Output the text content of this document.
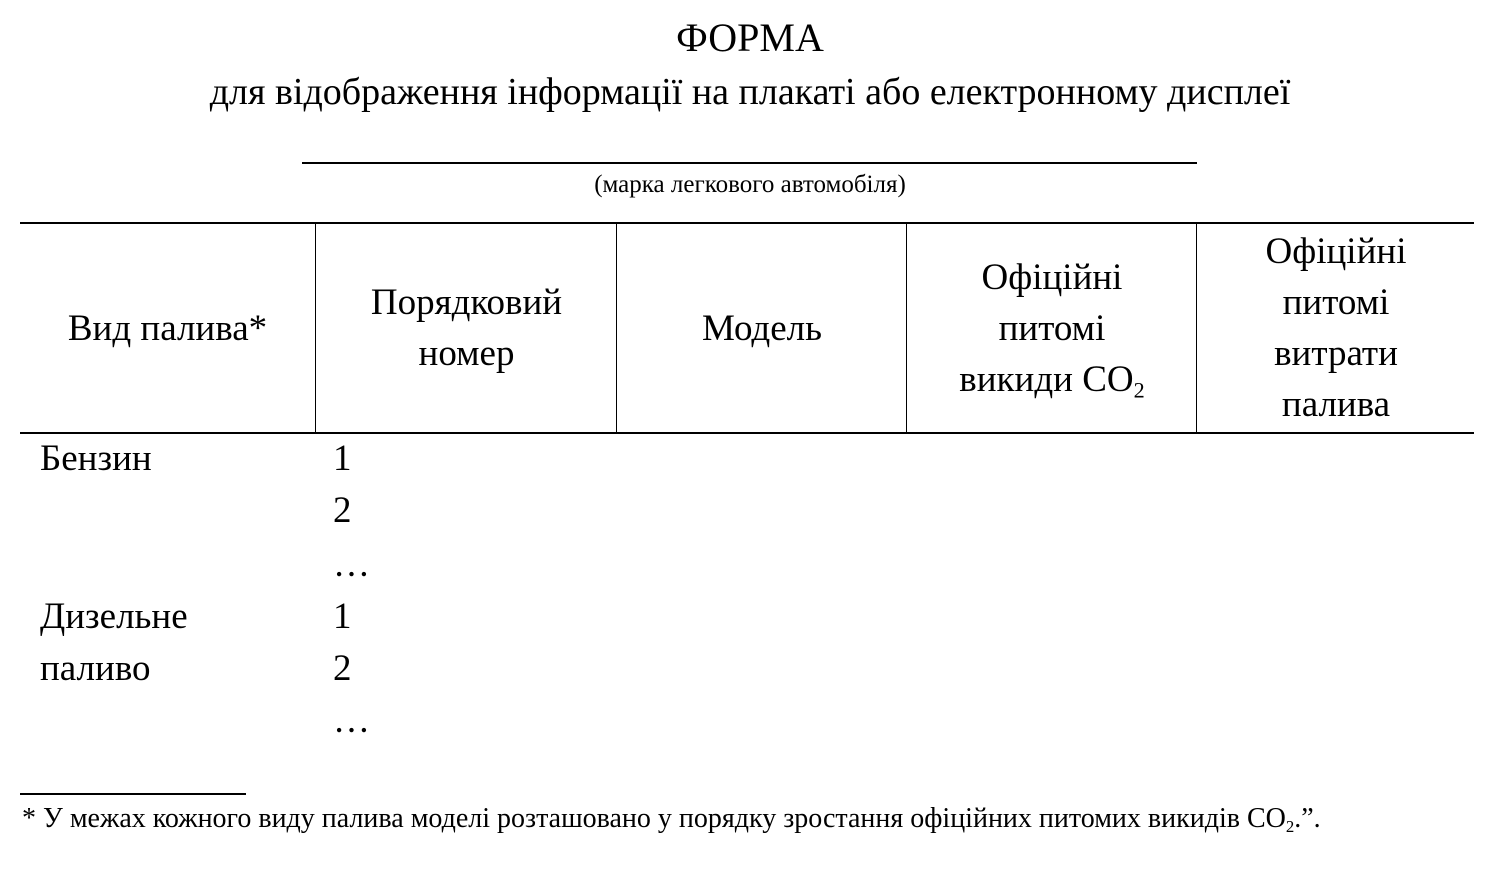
ФОРМА
для відображення інформації на плакаті або електронному дисплеї
(марка легкового автомобіля)
Вид палива*
Порядковий
номер
Модель
Офіційні
питомі
викиди $CO_2$
Офіційні
питомі
витрати
палива
Бензин	1
2
…
Дизельне
паливо
1
2
…
* У межах кожного виду палива моделі розташовано у порядку зростання офіційних питомих викидів $CO_2$.”.
